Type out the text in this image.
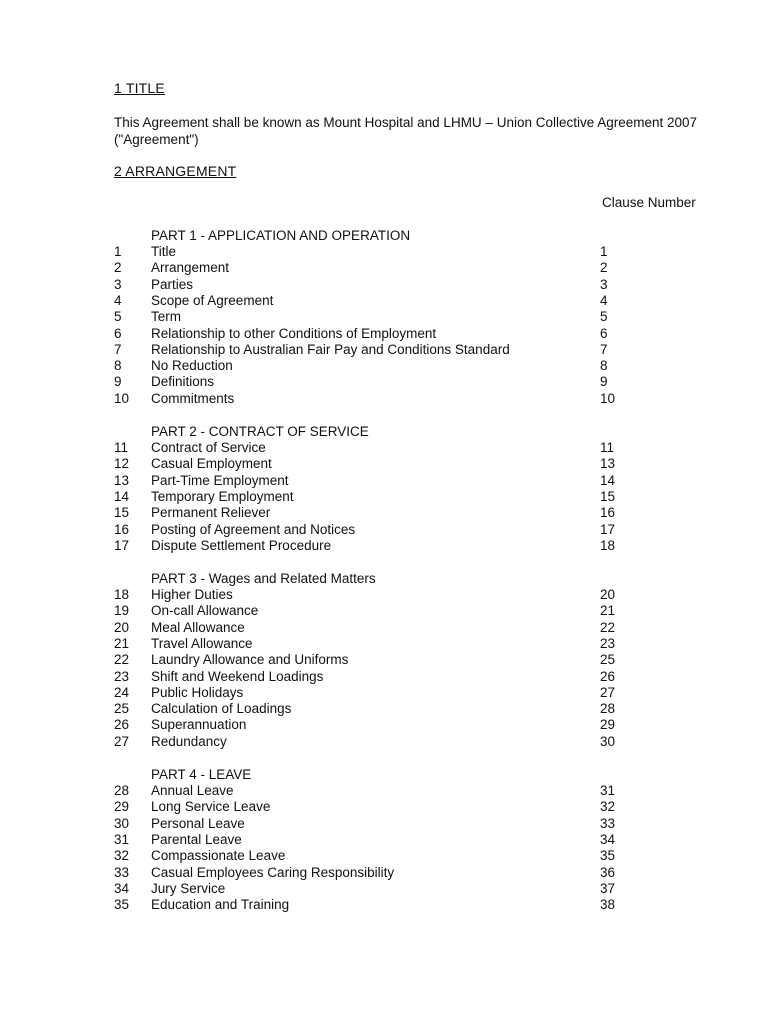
1 TITLE

This Agreement shall be known as Mount Hospital and LHMU – Union Collective Agreement 2007 ("Agreement")

2 ARRANGEMENT
Clause Number
PART 1 - APPLICATION AND OPERATION
1	Title	1
2	Arrangement	2
3	Parties	3
4	Scope of Agreement	4
5	Term	5
6	Relationship to other Conditions of Employment	6
7	Relationship to Australian Fair Pay and Conditions Standard	7
8	No Reduction	8
9	Definitions	9
10	Commitments	10
PART 2 - CONTRACT OF SERVICE
11	Contract of Service	11
12	Casual Employment	13
13	Part-Time Employment	14
14	Temporary Employment	15
15	Permanent Reliever	16
16	Posting of Agreement and Notices	17
17	Dispute Settlement Procedure	18
PART 3 - Wages and Related Matters
18	Higher Duties	20
19	On-call Allowance	21
20	Meal Allowance	22
21	Travel Allowance	23
22	Laundry Allowance and Uniforms	25
23	Shift and Weekend Loadings	26
24	Public Holidays	27
25	Calculation of Loadings	28
26	Superannuation	29
27	Redundancy	30
PART 4 - LEAVE
28	Annual Leave	31
29	Long Service Leave	32
30	Personal Leave	33
31	Parental Leave	34
32	Compassionate Leave	35
33	Casual Employees Caring Responsibility	36
34	Jury Service	37
35	Education and Training	38
